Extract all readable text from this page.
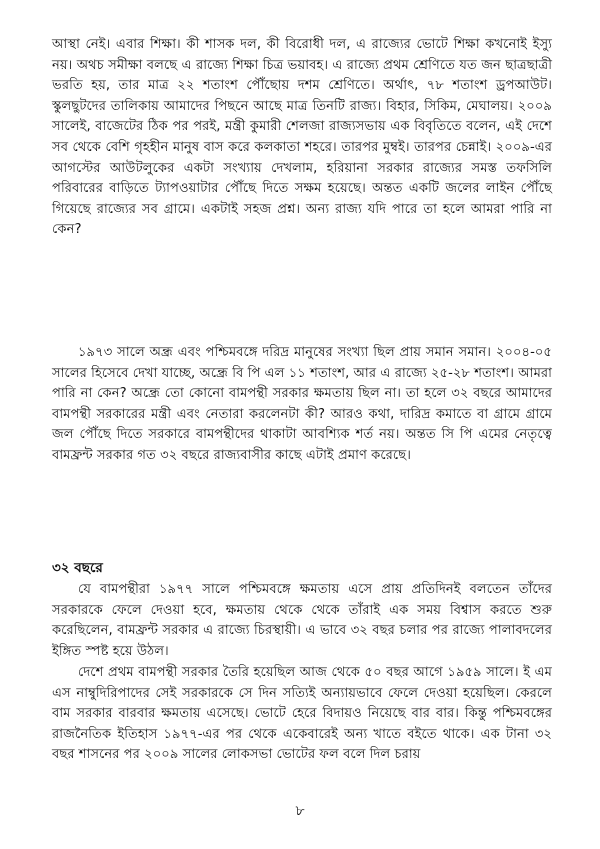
আস্থা নেই। এবার শিক্ষা। কী শাসক দল, কী বিরোধী দল, এ রাজ্যের ভোটে শিক্ষা কখনোই ইস্যু নয়। অথচ সমীক্ষা বলছে এ রাজ্যে শিক্ষা চিত্র ভয়াবহ। এ রাজ্যে প্রথম শ্রেণিতে যত জন ছাত্রছাত্রী ভরতি হয়, তার মাত্র ২২ শতাংশ পৌঁছোয় দশম শ্রেণিতে। অর্থাৎ, ৭৮ শতাংশ ড্রপআউট। স্কুলছুটদের তালিকায় আমাদের পিছনে আছে মাত্র তিনটি রাজ্য। বিহার, সিকিম, মেঘালয়। ২০০৯ সালেই, বাজেটের ঠিক পর পরই, মন্ত্রী কুমারী শেলজা রাজ্যসভায় এক বিবৃতিতে বলেন, এই দেশে সব থেকে বেশি গৃহহীন মানুষ বাস করে কলকাতা শহরে। তারপর মুম্বই। তারপর চেন্নাই। ২০০৯-এর আগস্টের আউটলুকের একটা সংখ্যায় দেখলাম, হরিয়ানা সরকার রাজ্যের সমস্ত তফসিলি পরিবারের বাড়িতে ট্যাপওয়াটার পৌঁছে দিতে সক্ষম হয়েছে। অন্তত একটি জলের লাইন পৌঁছে গিয়েছে রাজ্যের সব গ্রামে। একটাই সহজ প্রশ্ন। অন্য রাজ্য যদি পারে তা হলে আমরা পারি না কেন?

১৯৭৩ সালে অন্ধ্র এবং পশ্চিমবঙ্গে দরিদ্র মানুষের সংখ্যা ছিল প্রায় সমান সমান। ২০০৪-০৫ সালের হিসেবে দেখা যাচ্ছে, অন্ধ্রে বি পি এল ১১ শতাংশ, আর এ রাজ্যে ২৫-২৮ শতাংশ। আমরা পারি না কেন? অন্ধ্রে তো কোনো বামপন্থী সরকার ক্ষমতায় ছিল না। তা হলে ৩২ বছরে আমাদের বামপন্থী সরকারের মন্ত্রী এবং নেতারা করলেনটা কী? আরও কথা, দারিদ্র কমাতে বা গ্রামে গ্রামে জল পৌঁছে দিতে সরকারে বামপন্থীদের থাকাটা আবশ্যিক শর্ত নয়। অন্তত সি পি এমের নেতৃত্বে বামফ্রন্ট সরকার গত ৩২ বছরে রাজ্যবাসীর কাছে এটাই প্রমাণ করেছে।

৩২ বছরে

যে বামপন্থীরা ১৯৭৭ সালে পশ্চিমবঙ্গে ক্ষমতায় এসে প্রায় প্রতিদিনই বলতেন তাঁদের সরকারকে ফেলে দেওয়া হবে, ক্ষমতায় থেকে থেকে তাঁরাই এক সময় বিশ্বাস করতে শুরু করেছিলেন, বামফ্রন্ট সরকার এ রাজ্যে চিরস্থায়ী। এ ভাবে ৩২ বছর চলার পর রাজ্যে পালাবদলের ইঙ্গিত স্পষ্ট হয়ে উঠল।

দেশে প্রথম বামপন্থী সরকার তৈরি হয়েছিল আজ থেকে ৫০ বছর আগে ১৯৫৯ সালে। ই এম এস নাম্বুদিরিপাদের সেই সরকারকে সে দিন সত্যিই অন্যায়ভাবে ফেলে দেওয়া হয়েছিল। কেরলে বাম সরকার বারবার ক্ষমতায় এসেছে। ভোটে হেরে বিদায়ও নিয়েছে বার বার। কিন্তু পশ্চিমবঙ্গের রাজনৈতিক ইতিহাস ১৯৭৭-এর পর থেকে একেবারেই অন্য খাতে বইতে থাকে। এক টানা ৩২ বছর শাসনের পর ২০০৯ সালের লোকসভা ভোটের ফল বলে দিল চরায়

৮
